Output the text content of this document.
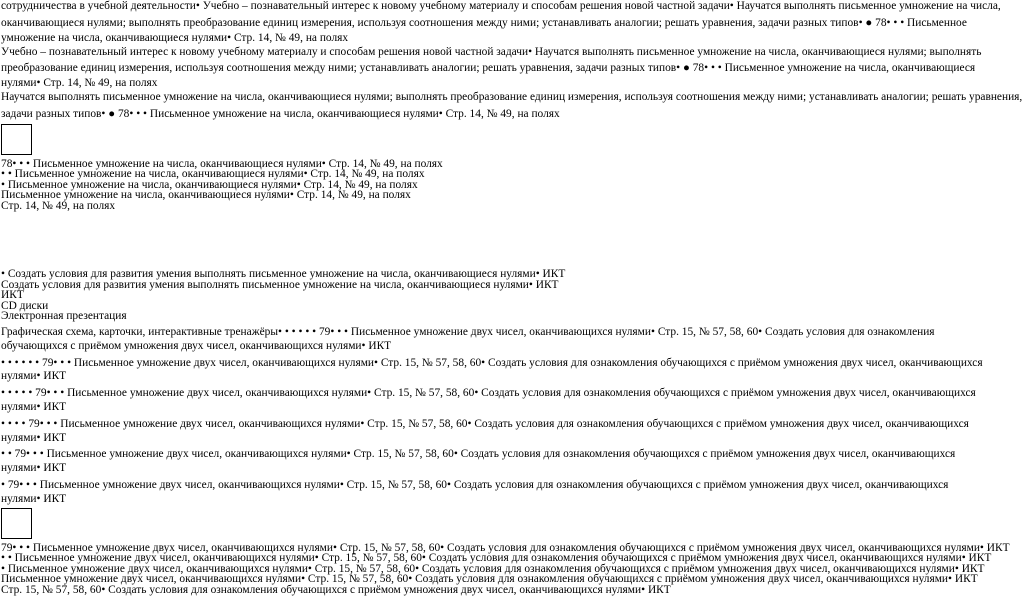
сотрудничества в учебной деятельности• Учебно – познавательный интерес к новому учебному материалу и способам решения новой частной задачи• Научатся выполнять письменное умножение на числа,
оканчивающиеся нулями; выполнять преобразование единиц измерения, используя соотношения между ними; устанавливать аналогии; решать уравнения, задачи разных типов• ● 78• • • Письменное
умножение на числа, оканчивающиеся нулями• Стр. 14, № 49, на полях
Учебно – познавательный интерес к новому учебному материалу и способам решения новой частной задачи• Научатся выполнять письменное умножение на числа, оканчивающиеся нулями; выполнять
преобразование единиц измерения, используя соотношения между ними; устанавливать аналогии; решать уравнения, задачи разных типов• ● 78• • • Письменное умножение на числа, оканчивающиеся
нулями• Стр. 14, № 49, на полях
Научатся выполнять письменное умножение на числа, оканчивающиеся нулями; выполнять преобразование единиц измерения, используя соотношения между ними; устанавливать аналогии; решать уравнения,
задачи разных типов• ● 78• • • Письменное умножение на числа, оканчивающиеся нулями• Стр. 14, № 49, на полях
78• • • Письменное умножение на числа, оканчивающиеся нулями• Стр. 14, № 49, на полях
• • Письменное умножение на числа, оканчивающиеся нулями• Стр. 14, № 49, на полях
• Письменное умножение на числа, оканчивающиеся нулями• Стр. 14, № 49, на полях
Письменное умножение на числа, оканчивающиеся нулями• Стр. 14, № 49, на полях
Стр. 14, № 49, на полях
• Создать условия для развития умения выполнять письменное умножение на числа, оканчивающиеся нулями• ИКТ
Создать условия для развития умения выполнять письменное умножение на числа, оканчивающиеся нулями• ИКТ
ИКТ
CD диски
Электронная презентация
Графическая схема, карточки, интерактивные тренажёры• • • • • • 79• • • Письменное умножение двух чисел, оканчивающихся нулями• Стр. 15, № 57, 58, 60• Создать условия для ознакомления
обучающихся с приёмом умножения двух чисел, оканчивающихся нулями• ИКТ
• • • • • • 79• • • Письменное умножение двух чисел, оканчивающихся нулями• Стр. 15, № 57, 58, 60• Создать условия для ознакомления обучающихся с приёмом умножения двух чисел, оканчивающихся
нулями• ИКТ
• • • • • 79• • • Письменное умножение двух чисел, оканчивающихся нулями• Стр. 15, № 57, 58, 60• Создать условия для ознакомления обучающихся с приёмом умножения двух чисел, оканчивающихся
нулями• ИКТ
• • • • 79• • • Письменное умножение двух чисел, оканчивающихся нулями• Стр. 15, № 57, 58, 60• Создать условия для ознакомления обучающихся с приёмом умножения двух чисел, оканчивающихся
нулями• ИКТ
• • 79• • • Письменное умножение двух чисел, оканчивающихся нулями• Стр. 15, № 57, 58, 60• Создать условия для ознакомления обучающихся с приёмом умножения двух чисел, оканчивающихся
нулями• ИКТ
• 79• • • Письменное умножение двух чисел, оканчивающихся нулями• Стр. 15, № 57, 58, 60• Создать условия для ознакомления обучающихся с приёмом умножения двух чисел, оканчивающихся
нулями• ИКТ
79• • • Письменное умножение двух чисел, оканчивающихся нулями• Стр. 15, № 57, 58, 60• Создать условия для ознакомления обучающихся с приёмом умножения двух чисел, оканчивающихся нулями• ИКТ
• • Письменное умножение двух чисел, оканчивающихся нулями• Стр. 15, № 57, 58, 60• Создать условия для ознакомления обучающихся с приёмом умножения двух чисел, оканчивающихся нулями• ИКТ
• Письменное умножение двух чисел, оканчивающихся нулями• Стр. 15, № 57, 58, 60• Создать условия для ознакомления обучающихся с приёмом умножения двух чисел, оканчивающихся нулями• ИКТ
Письменное умножение двух чисел, оканчивающихся нулями• Стр. 15, № 57, 58, 60• Создать условия для ознакомления обучающихся с приёмом умножения двух чисел, оканчивающихся нулями• ИКТ
Стр. 15, № 57, 58, 60• Создать условия для ознакомления обучающихся с приёмом умножения двух чисел, оканчивающихся нулями• ИКТ
